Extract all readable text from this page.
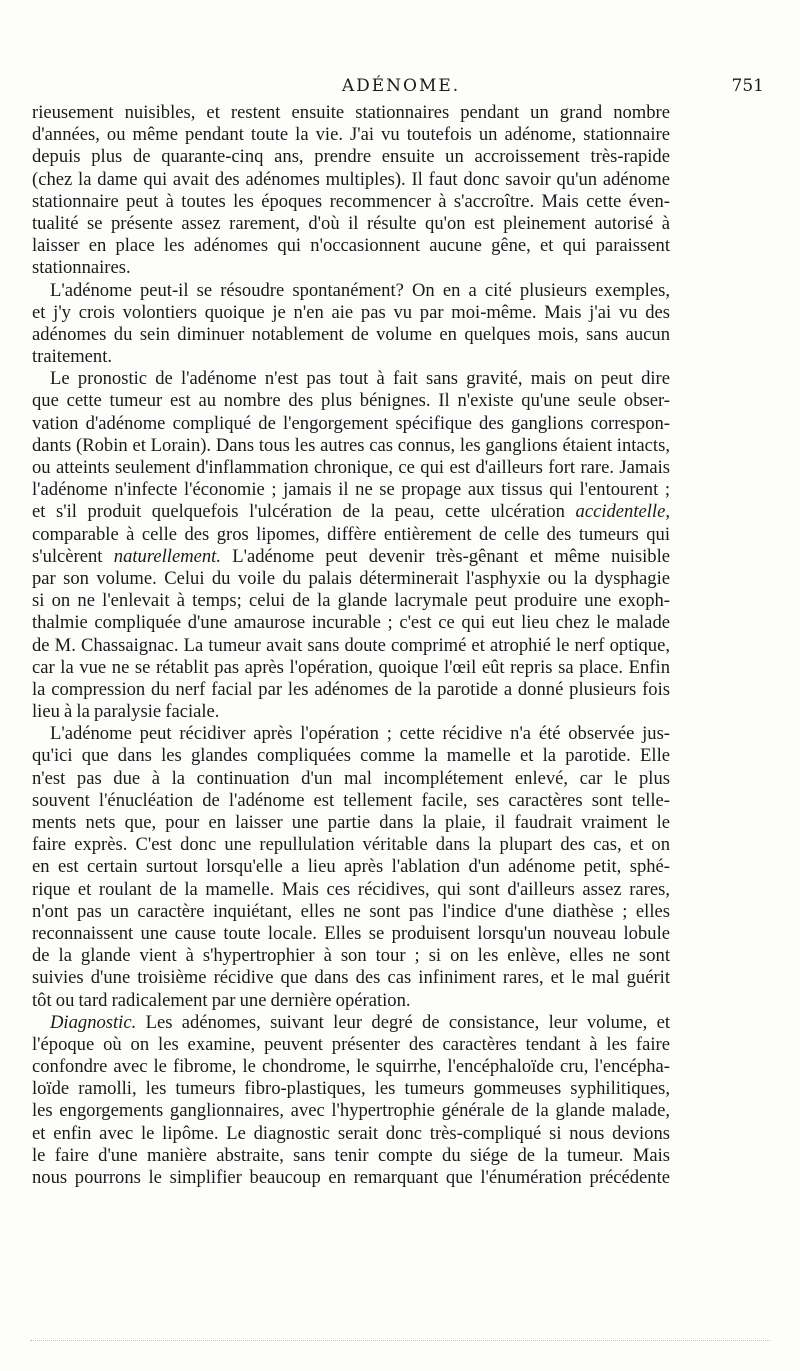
ADÉNOME.	751
rieusement nuisibles, et restent ensuite stationnaires pendant un grand nombre
d'années, ou même pendant toute la vie. J'ai vu toutefois un adénome, stationnaire
depuis plus de quarante-cinq ans, prendre ensuite un accroissement très-rapide
(chez la dame qui avait des adénomes multiples). Il faut donc savoir qu'un adénome
stationnaire peut à toutes les époques recommencer à s'accroître. Mais cette éven-
tualité se présente assez rarement, d'où il résulte qu'on est pleinement autorisé à
laisser en place les adénomes qui n'occasionnent aucune gêne, et qui paraissent
stationnaires.
L'adénome peut-il se résoudre spontanément? On en a cité plusieurs exemples,
et j'y crois volontiers quoique je n'en aie pas vu par moi-même. Mais j'ai vu des
adénomes du sein diminuer notablement de volume en quelques mois, sans aucun
traitement.
Le pronostic de l'adénome n'est pas tout à fait sans gravité, mais on peut dire
que cette tumeur est au nombre des plus bénignes. Il n'existe qu'une seule obser-
vation d'adénome compliqué de l'engorgement spécifique des ganglions correspon-
dants (Robin et Lorain). Dans tous les autres cas connus, les ganglions étaient intacts,
ou atteints seulement d'inflammation chronique, ce qui est d'ailleurs fort rare. Jamais
l'adénome n'infecte l'économie ; jamais il ne se propage aux tissus qui l'entourent ;
et s'il produit quelquefois l'ulcération de la peau, cette ulcération accidentelle,
comparable à celle des gros lipomes, diffère entièrement de celle des tumeurs qui
s'ulcèrent naturellement. L'adénome peut devenir très-gênant et même nuisible
par son volume. Celui du voile du palais déterminerait l'asphyxie ou la dysphagie
si on ne l'enlevait à temps; celui de la glande lacrymale peut produire une exoph-
thalmie compliquée d'une amaurose incurable ; c'est ce qui eut lieu chez le malade
de M. Chassaignac. La tumeur avait sans doute comprimé et atrophié le nerf optique,
car la vue ne se rétablit pas après l'opération, quoique l'œil eût repris sa place. Enfin
la compression du nerf facial par les adénomes de la parotide a donné plusieurs fois
lieu à la paralysie faciale.
L'adénome peut récidiver après l'opération ; cette récidive n'a été observée jus-
qu'ici que dans les glandes compliquées comme la mamelle et la parotide. Elle
n'est pas due à la continuation d'un mal incomplétement enlevé, car le plus
souvent l'énucléation de l'adénome est tellement facile, ses caractères sont telle-
ments nets que, pour en laisser une partie dans la plaie, il faudrait vraiment le
faire exprès. C'est donc une repullulation véritable dans la plupart des cas, et on
en est certain surtout lorsqu'elle a lieu après l'ablation d'un adénome petit, sphé-
rique et roulant de la mamelle. Mais ces récidives, qui sont d'ailleurs assez rares,
n'ont pas un caractère inquiétant, elles ne sont pas l'indice d'une diathèse ; elles
reconnaissent une cause toute locale. Elles se produisent lorsqu'un nouveau lobule
de la glande vient à s'hypertrophier à son tour ; si on les enlève, elles ne sont
suivies d'une troisième récidive que dans des cas infiniment rares, et le mal guérit
tôt ou tard radicalement par une dernière opération.
Diagnostic. Les adénomes, suivant leur degré de consistance, leur volume, et
l'époque où on les examine, peuvent présenter des caractères tendant à les faire
confondre avec le fibrome, le chondrome, le squirrhe, l'encéphaloïde cru, l'encépha-
loïde ramolli, les tumeurs fibro-plastiques, les tumeurs gommeuses syphilitiques,
les engorgements ganglionnaires, avec l'hypertrophie générale de la glande malade,
et enfin avec le lipôme. Le diagnostic serait donc très-compliqué si nous devions
le faire d'une manière abstraite, sans tenir compte du siége de la tumeur. Mais
nous pourrons le simplifier beaucoup en remarquant que l'énumération précédente
